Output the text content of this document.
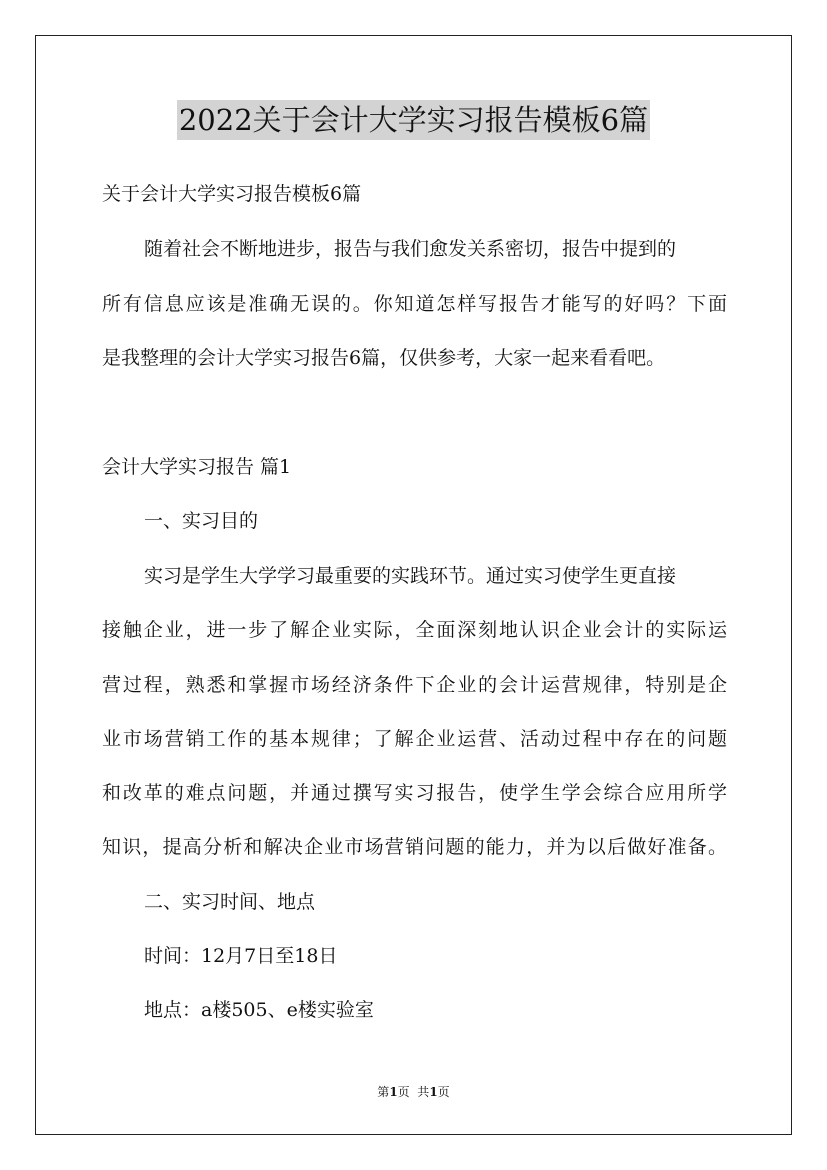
2022关于会计大学实习报告模板6篇
关于会计大学实习报告模板6篇
随着社会不断地进步，报告与我们愈发关系密切，报告中提到的
所有信息应该是准确无误的。你知道怎样写报告才能写的好吗？下面
是我整理的会计大学实习报告6篇，仅供参考，大家一起来看看吧。
会计大学实习报告 篇1
一、实习目的
实习是学生大学学习最重要的实践环节。通过实习使学生更直接
接触企业，进一步了解企业实际，全面深刻地认识企业会计的实际运
营过程，熟悉和掌握市场经济条件下企业的会计运营规律，特别是企
业市场营销工作的基本规律；了解企业运营、活动过程中存在的问题
和改革的难点问题，并通过撰写实习报告，使学生学会综合应用所学
知识，提高分析和解决企业市场营销问题的能力，并为以后做好准备。
二、实习时间、地点
时间：12月7日至18日
地点：a楼505、e楼实验室
第1页  共1页
